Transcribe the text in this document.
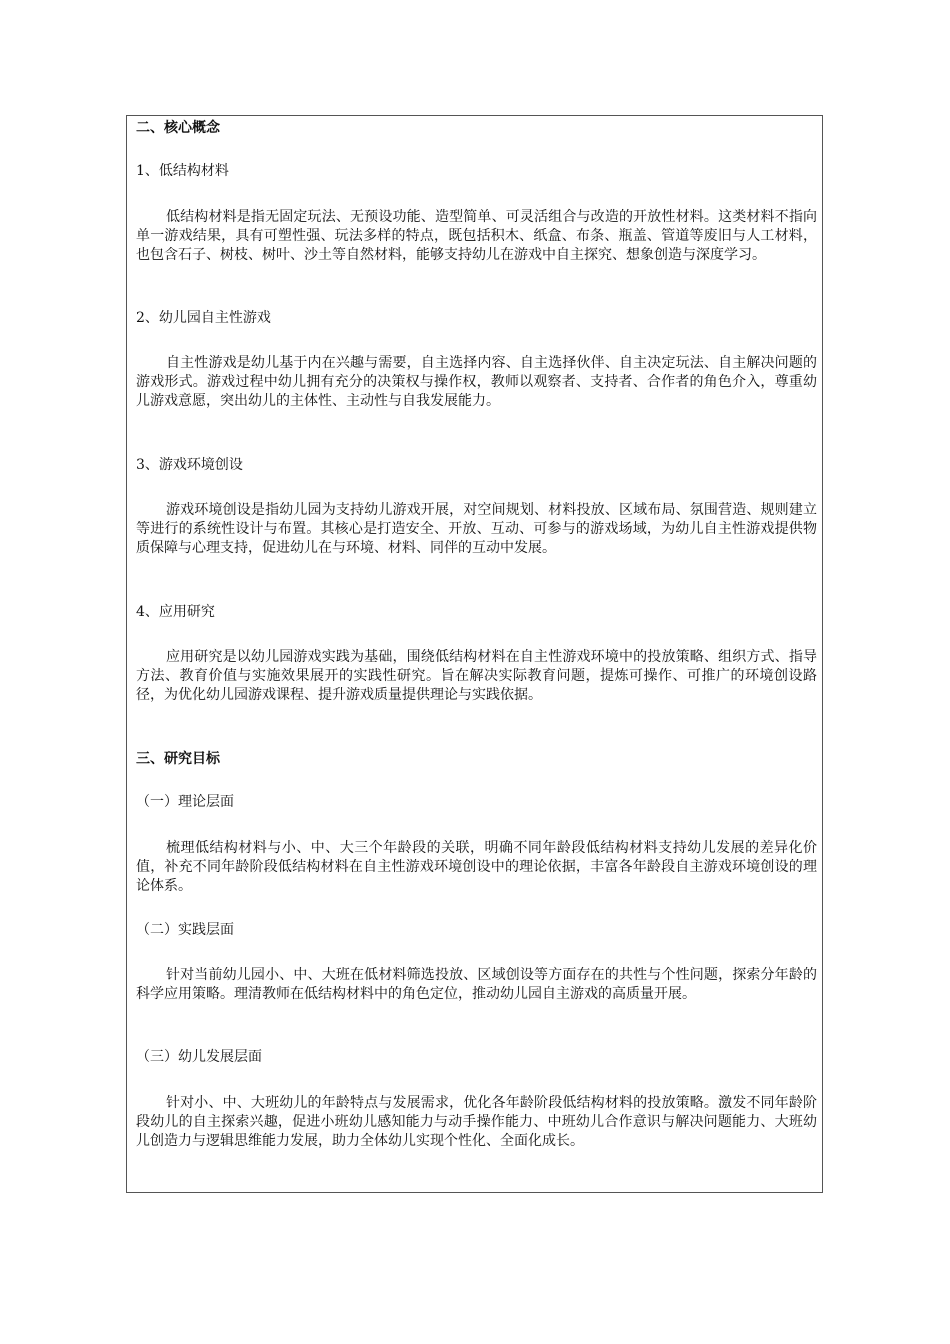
二、核心概念
1、低结构材料

低结构材料是指无固定玩法、无预设功能、造型简单、可灵活组合与改造的开放性材料。这类材料不指向单一游戏结果，具有可塑性强、玩法多样的特点，既包括积木、纸盒、布条、瓶盖、管道等废旧与人工材料，也包含石子、树枝、树叶、沙土等自然材料，能够支持幼儿在游戏中自主探究、想象创造与深度学习。

2、幼儿园自主性游戏

自主性游戏是幼儿基于内在兴趣与需要，自主选择内容、自主选择伙伴、自主决定玩法、自主解决问题的游戏形式。游戏过程中幼儿拥有充分的决策权与操作权，教师以观察者、支持者、合作者的角色介入，尊重幼儿游戏意愿，突出幼儿的主体性、主动性与自我发展能力。

3、游戏环境创设

游戏环境创设是指幼儿园为支持幼儿游戏开展，对空间规划、材料投放、区域布局、氛围营造、规则建立等进行的系统性设计与布置。其核心是打造安全、开放、互动、可参与的游戏场域，为幼儿自主性游戏提供物质保障与心理支持，促进幼儿在与环境、材料、同伴的互动中发展。

4、应用研究

应用研究是以幼儿园游戏实践为基础，围绕低结构材料在自主性游戏环境中的投放策略、组织方式、指导方法、教育价值与实施效果展开的实践性研究。旨在解决实际教育问题，提炼可操作、可推广的环境创设路径，为优化幼儿园游戏课程、提升游戏质量提供理论与实践依据。

三、研究目标
（一）理论层面

梳理低结构材料与小、中、大三个年龄段的关联，明确不同年龄段低结构材料支持幼儿发展的差异化价值，补充不同年龄阶段低结构材料在自主性游戏环境创设中的理论依据，丰富各年龄段自主游戏环境创设的理论体系。

（二）实践层面

针对当前幼儿园小、中、大班在低材料筛选投放、区域创设等方面存在的共性与个性问题，探索分年龄的科学应用策略。理清教师在低结构材料中的角色定位，推动幼儿园自主游戏的高质量开展。

（三）幼儿发展层面

针对小、中、大班幼儿的年龄特点与发展需求，优化各年龄阶段低结构材料的投放策略。激发不同年龄阶段幼儿的自主探索兴趣，促进小班幼儿感知能力与动手操作能力、中班幼儿合作意识与解决问题能力、大班幼儿创造力与逻辑思维能力发展，助力全体幼儿实现个性化、全面化成长。
